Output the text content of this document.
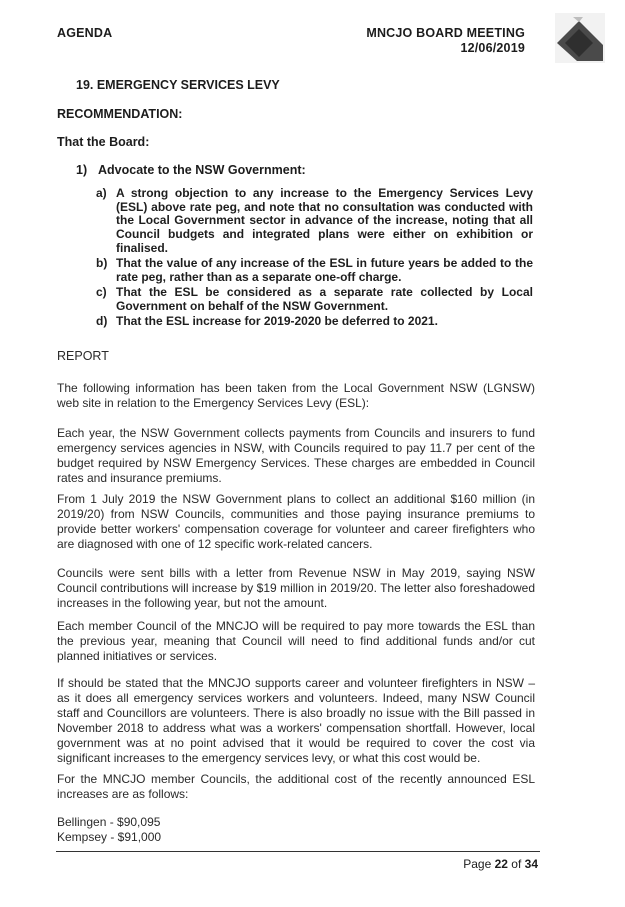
AGENDA	MNCJO BOARD MEETING
12/06/2019
19. EMERGENCY SERVICES LEVY
RECOMMENDATION:
That the Board:
1) Advocate to the NSW Government:
a) A strong objection to any increase to the Emergency Services Levy (ESL) above rate peg, and note that no consultation was conducted with the Local Government sector in advance of the increase, noting that all Council budgets and integrated plans were either on exhibition or finalised.
b) That the value of any increase of the ESL in future years be added to the rate peg, rather than as a separate one-off charge.
c) That the ESL be considered as a separate rate collected by Local Government on behalf of the NSW Government.
d) That the ESL increase for 2019-2020 be deferred to 2021.
REPORT
The following information has been taken from the Local Government NSW (LGNSW) web site in relation to the Emergency Services Levy (ESL):
Each year, the NSW Government collects payments from Councils and insurers to fund emergency services agencies in NSW, with Councils required to pay 11.7 per cent of the budget required by NSW Emergency Services. These charges are embedded in Council rates and insurance premiums.
From 1 July 2019 the NSW Government plans to collect an additional $160 million (in 2019/20) from NSW Councils, communities and those paying insurance premiums to provide better workers' compensation coverage for volunteer and career firefighters who are diagnosed with one of 12 specific work-related cancers.
Councils were sent bills with a letter from Revenue NSW in May 2019, saying NSW Council contributions will increase by $19 million in 2019/20. The letter also foreshadowed increases in the following year, but not the amount.
Each member Council of the MNCJO will be required to pay more towards the ESL than the previous year, meaning that Council will need to find additional funds and/or cut planned initiatives or services.
If should be stated that the MNCJO supports career and volunteer firefighters in NSW – as it does all emergency services workers and volunteers. Indeed, many NSW Council staff and Councillors are volunteers. There is also broadly no issue with the Bill passed in November 2018 to address what was a workers' compensation shortfall. However, local government was at no point advised that it would be required to cover the cost via significant increases to the emergency services levy, or what this cost would be.
For the MNCJO member Councils, the additional cost of the recently announced ESL increases are as follows:
Bellingen - $90,095
Kempsey - $91,000
Page 22 of 34
